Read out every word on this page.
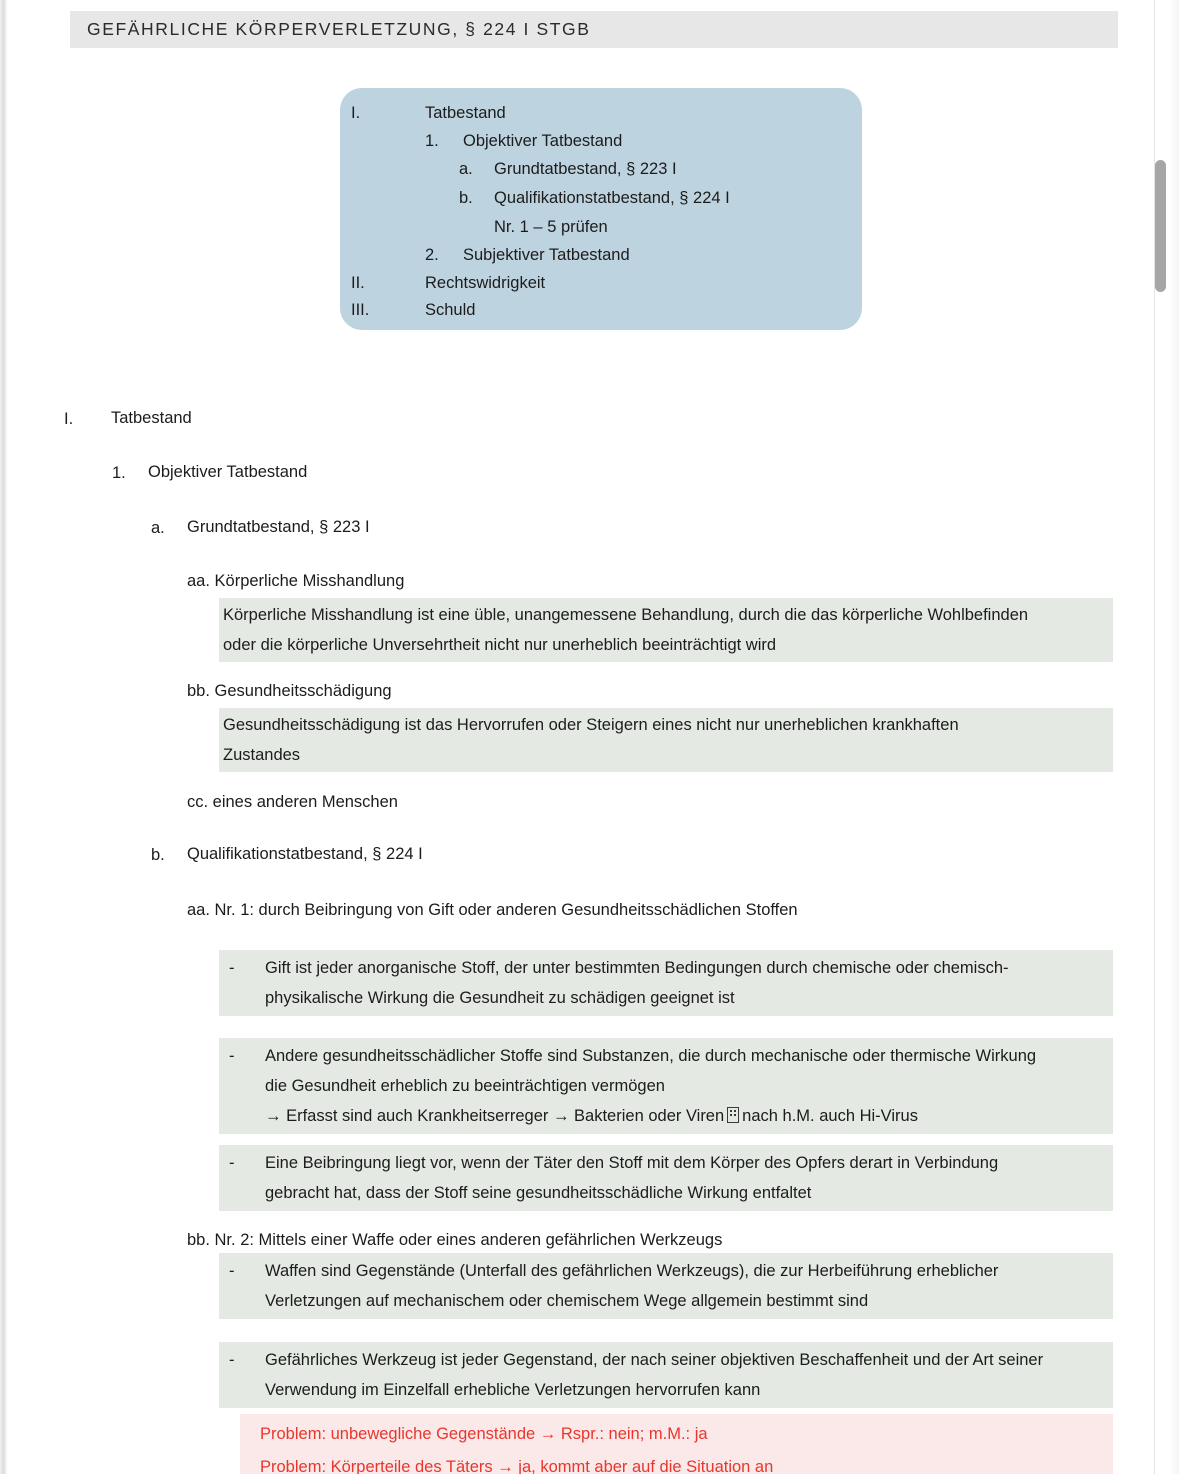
GEFÄHRLICHE KÖRPERVERLETZUNG, § 224 I STGB
I.	Tatbestand
1. Objektiver Tatbestand
a. Grundtatbestand, § 223 I
b. Qualifikationstatbestand, § 224 I
Nr. 1 – 5 prüfen
2. Subjektiver Tatbestand
II.	Rechtswidrigkeit
III.	Schuld
I. Tatbestand
1. Objektiver Tatbestand
a. Grundtatbestand, § 223 I
aa. Körperliche Misshandlung
Körperliche Misshandlung ist eine üble, unangemessene Behandlung, durch die das körperliche Wohlbefinden
oder die körperliche Unversehrtheit nicht nur unerheblich beeinträchtigt wird
bb. Gesundheitsschädigung
Gesundheitsschädigung ist das Hervorrufen oder Steigern eines nicht nur unerheblichen krankhaften
Zustandes
cc. eines anderen Menschen
b. Qualifikationstatbestand, § 224 I
aa. Nr. 1: durch Beibringung von Gift oder anderen Gesundheitsschädlichen Stoffen
- Gift ist jeder anorganische Stoff, der unter bestimmten Bedingungen durch chemische oder chemisch-
physikalische Wirkung die Gesundheit zu schädigen geeignet ist
- Andere gesundheitsschädlicher Stoffe sind Substanzen, die durch mechanische oder thermische Wirkung
die Gesundheit erheblich zu beeinträchtigen vermögen
→ Erfasst sind auch Krankheitserreger → Bakterien oder Viren nach h.M. auch Hi-Virus
- Eine Beibringung liegt vor, wenn der Täter den Stoff mit dem Körper des Opfers derart in Verbindung
gebracht hat, dass der Stoff seine gesundheitsschädliche Wirkung entfaltet
bb. Nr. 2: Mittels einer Waffe oder eines anderen gefährlichen Werkzeugs
- Waffen sind Gegenstände (Unterfall des gefährlichen Werkzeugs), die zur Herbeiführung erheblicher
Verletzungen auf mechanischem oder chemischem Wege allgemein bestimmt sind
- Gefährliches Werkzeug ist jeder Gegenstand, der nach seiner objektiven Beschaffenheit und der Art seiner
Verwendung im Einzelfall erhebliche Verletzungen hervorrufen kann
Problem: unbewegliche Gegenstände → Rspr.: nein; m.M.: ja
Problem: Körperteile des Täters → ja, kommt aber auf die Situation an
